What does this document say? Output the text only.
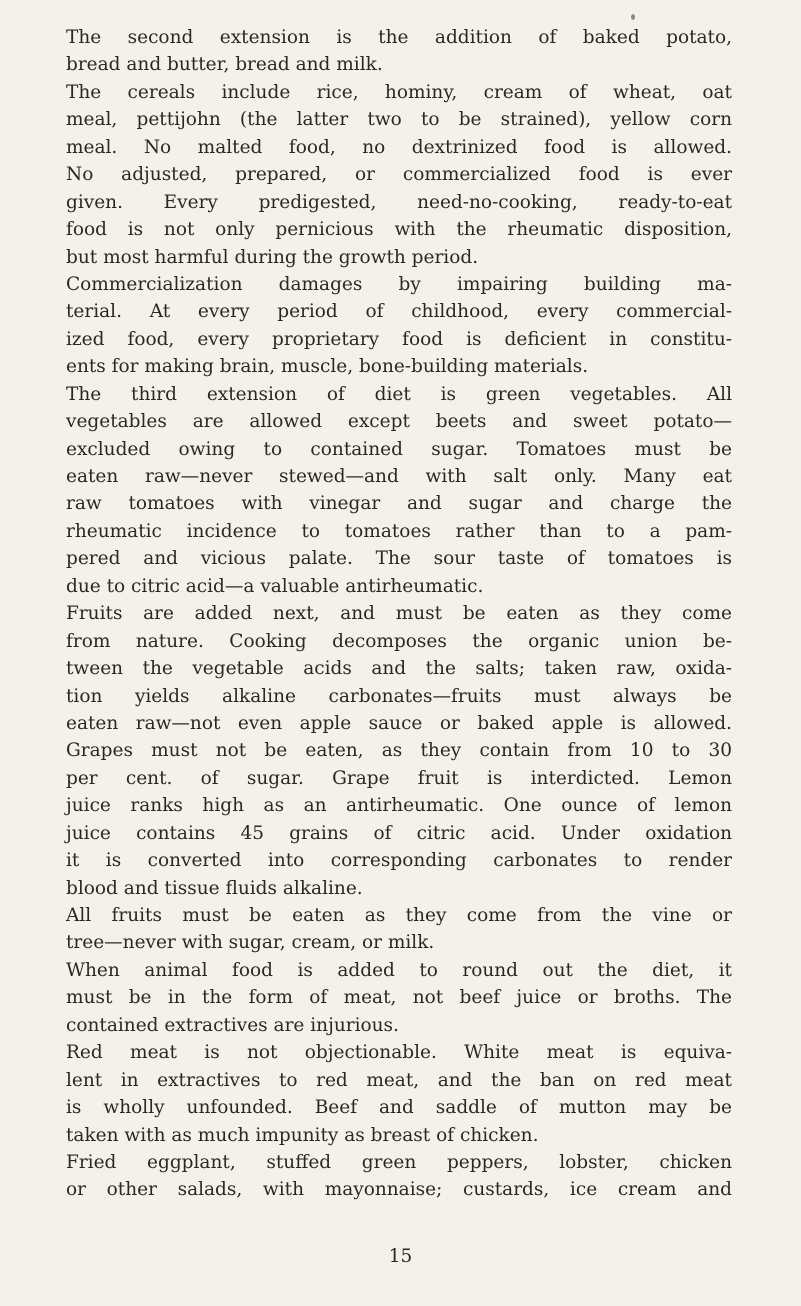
The second extension is the addition of baked potato,
bread and butter, bread and milk.
The cereals include rice, hominy, cream of wheat, oat
meal, pettijohn (the latter two to be strained), yellow corn
meal. No malted food, no dextrinized food is allowed.
No adjusted, prepared, or commercialized food is ever
given. Every predigested, need-no-cooking, ready-to-eat
food is not only pernicious with the rheumatic disposition,
but most harmful during the growth period.
Commercialization damages by impairing building ma-
terial. At every period of childhood, every commercial-
ized food, every proprietary food is deficient in constitu-
ents for making brain, muscle, bone-building materials.
The third extension of diet is green vegetables. All
vegetables are allowed except beets and sweet potato—
excluded owing to contained sugar. Tomatoes must be
eaten raw—never stewed—and with salt only. Many eat
raw tomatoes with vinegar and sugar and charge the
rheumatic incidence to tomatoes rather than to a pam-
pered and vicious palate. The sour taste of tomatoes is
due to citric acid—a valuable antirheumatic.
Fruits are added next, and must be eaten as they come
from nature. Cooking decomposes the organic union be-
tween the vegetable acids and the salts; taken raw, oxida-
tion yields alkaline carbonates—fruits must always be
eaten raw—not even apple sauce or baked apple is allowed.
Grapes must not be eaten, as they contain from 10 to 30
per cent. of sugar. Grape fruit is interdicted. Lemon
juice ranks high as an antirheumatic. One ounce of lemon
juice contains 45 grains of citric acid. Under oxidation
it is converted into corresponding carbonates to render
blood and tissue fluids alkaline.
All fruits must be eaten as they come from the vine or
tree—never with sugar, cream, or milk.
When animal food is added to round out the diet, it
must be in the form of meat, not beef juice or broths. The
contained extractives are injurious.
Red meat is not objectionable. White meat is equiva-
lent in extractives to red meat, and the ban on red meat
is wholly unfounded. Beef and saddle of mutton may be
taken with as much impunity as breast of chicken.
Fried eggplant, stuffed green peppers, lobster, chicken
or other salads, with mayonnaise; custards, ice cream and
15
